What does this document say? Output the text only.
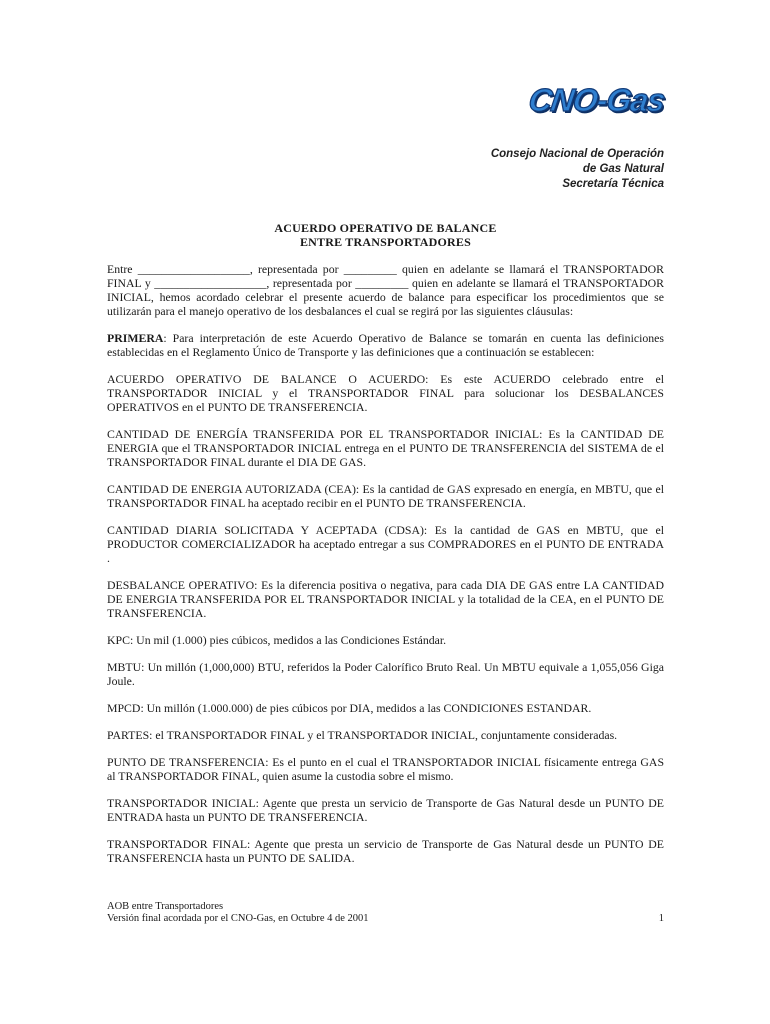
CNO-Gas
Consejo Nacional de Operación
de Gas Natural
Secretaría Técnica
ACUERDO OPERATIVO DE BALANCE
ENTRE TRANSPORTADORES

Entre ___________________, representada por _________ quien en adelante se llamará el TRANSPORTADOR FINAL y ___________________, representada por _________ quien en adelante se llamará el TRANSPORTADOR INICIAL, hemos acordado celebrar el presente acuerdo de balance para especificar los procedimientos que se utilizarán para el manejo operativo de los desbalances el cual se regirá por las siguientes cláusulas:

PRIMERA: Para interpretación de este Acuerdo Operativo de Balance se tomarán en cuenta las definiciones establecidas en el Reglamento Único de Transporte y las definiciones que a continuación se establecen:

ACUERDO OPERATIVO DE BALANCE O ACUERDO: Es este ACUERDO celebrado entre el TRANSPORTADOR INICIAL y el TRANSPORTADOR FINAL para solucionar los DESBALANCES OPERATIVOS en el PUNTO DE TRANSFERENCIA.

CANTIDAD DE ENERGÍA TRANSFERIDA POR EL TRANSPORTADOR INICIAL: Es la CANTIDAD DE ENERGIA que el TRANSPORTADOR INICIAL entrega en el PUNTO DE TRANSFERENCIA del SISTEMA de el TRANSPORTADOR FINAL durante el DIA DE GAS.

CANTIDAD DE ENERGIA AUTORIZADA (CEA): Es la cantidad de GAS expresado en energía, en MBTU, que el TRANSPORTADOR FINAL ha aceptado recibir en el PUNTO DE TRANSFERENCIA.

CANTIDAD DIARIA SOLICITADA Y ACEPTADA (CDSA): Es la cantidad de GAS en MBTU, que el PRODUCTOR COMERCIALIZADOR ha aceptado entregar a sus COMPRADORES en el PUNTO DE ENTRADA .

DESBALANCE OPERATIVO: Es la diferencia positiva o negativa, para cada DIA DE GAS entre LA CANTIDAD DE ENERGIA TRANSFERIDA POR EL TRANSPORTADOR INICIAL y la totalidad de la CEA, en el PUNTO DE TRANSFERENCIA.

KPC: Un mil (1.000) pies cúbicos, medidos a las Condiciones Estándar.

MBTU: Un millón (1,000,000) BTU, referidos la Poder Calorífico Bruto Real. Un MBTU equivale a 1,055,056 Giga Joule.

MPCD: Un millón (1.000.000) de pies cúbicos por DIA, medidos a las CONDICIONES ESTANDAR.

PARTES: el TRANSPORTADOR FINAL y el TRANSPORTADOR INICIAL, conjuntamente consideradas.

PUNTO DE TRANSFERENCIA: Es el punto en el cual el TRANSPORTADOR INICIAL físicamente entrega GAS al TRANSPORTADOR FINAL, quien asume la custodia sobre el mismo.

TRANSPORTADOR INICIAL: Agente que presta un servicio de Transporte de Gas Natural desde un PUNTO DE ENTRADA hasta un PUNTO DE TRANSFERENCIA.

TRANSPORTADOR FINAL: Agente que presta un servicio de Transporte de Gas Natural desde un PUNTO DE TRANSFERENCIA hasta un PUNTO DE SALIDA.

AOB entre Transportadores
Versión final acordada por el CNO-Gas, en Octubre 4 de 2001	1
